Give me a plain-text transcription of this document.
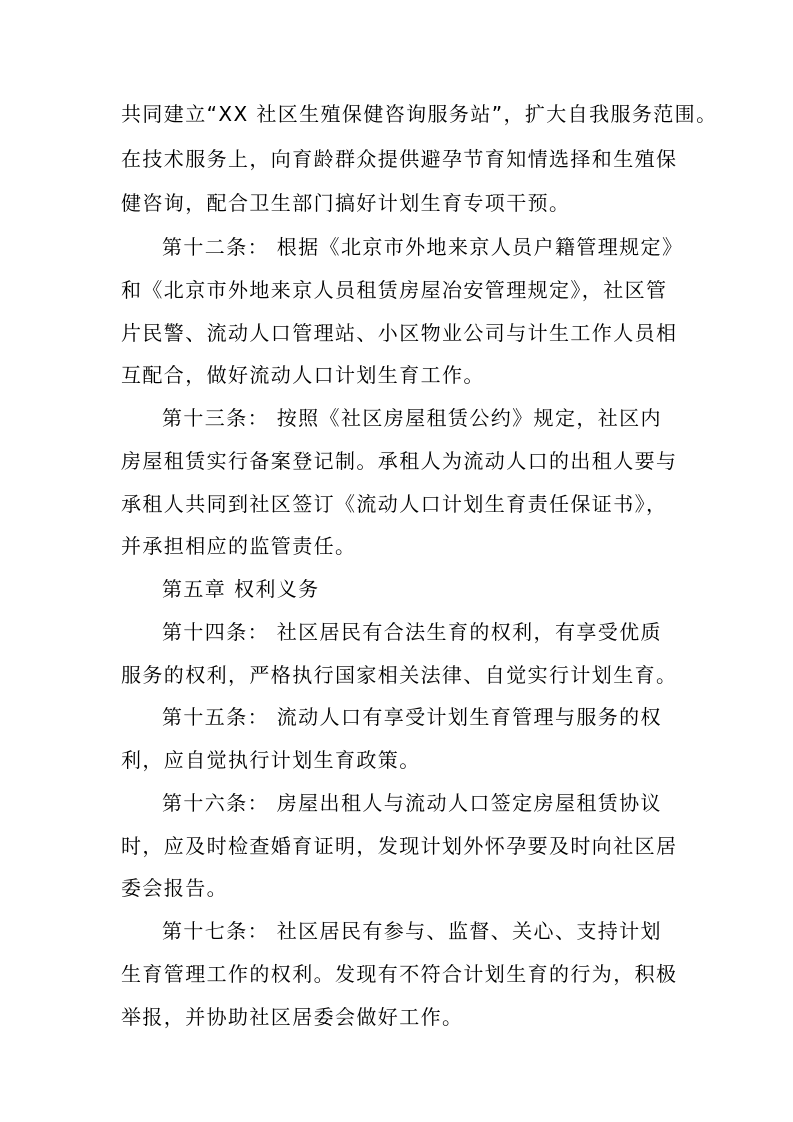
共同建立“XX 社区生殖保健咨询服务站”，扩大自我服务范围。
在技术服务上，向育龄群众提供避孕节育知情选择和生殖保
健咨询，配合卫生部门搞好计划生育专项干预。
第十二条： 根据《北京市外地来京人员户籍管理规定》
和《北京市外地来京人员租赁房屋冶安管理规定》，社区管
片民警、流动人口管理站、小区物业公司与计生工作人员相
互配合，做好流动人口计划生育工作。
第十三条： 按照《社区房屋租赁公约》规定，社区内
房屋租赁实行备案登记制。承租人为流动人口的出租人要与
承租人共同到社区签订《流动人口计划生育责任保证书》，
并承担相应的监管责任。
第五章 权利义务
第十四条： 社区居民有合法生育的权利，有享受优质
服务的权利，严格执行国家相关法律、自觉实行计划生育。
第十五条： 流动人口有享受计划生育管理与服务的权
利，应自觉执行计划生育政策。
第十六条： 房屋出租人与流动人口签定房屋租赁协议
时，应及时检查婚育证明，发现计划外怀孕要及时向社区居
委会报告。
第十七条： 社区居民有参与、监督、关心、支持计划
生育管理工作的权利。发现有不符合计划生育的行为，积极
举报，并协助社区居委会做好工作。
